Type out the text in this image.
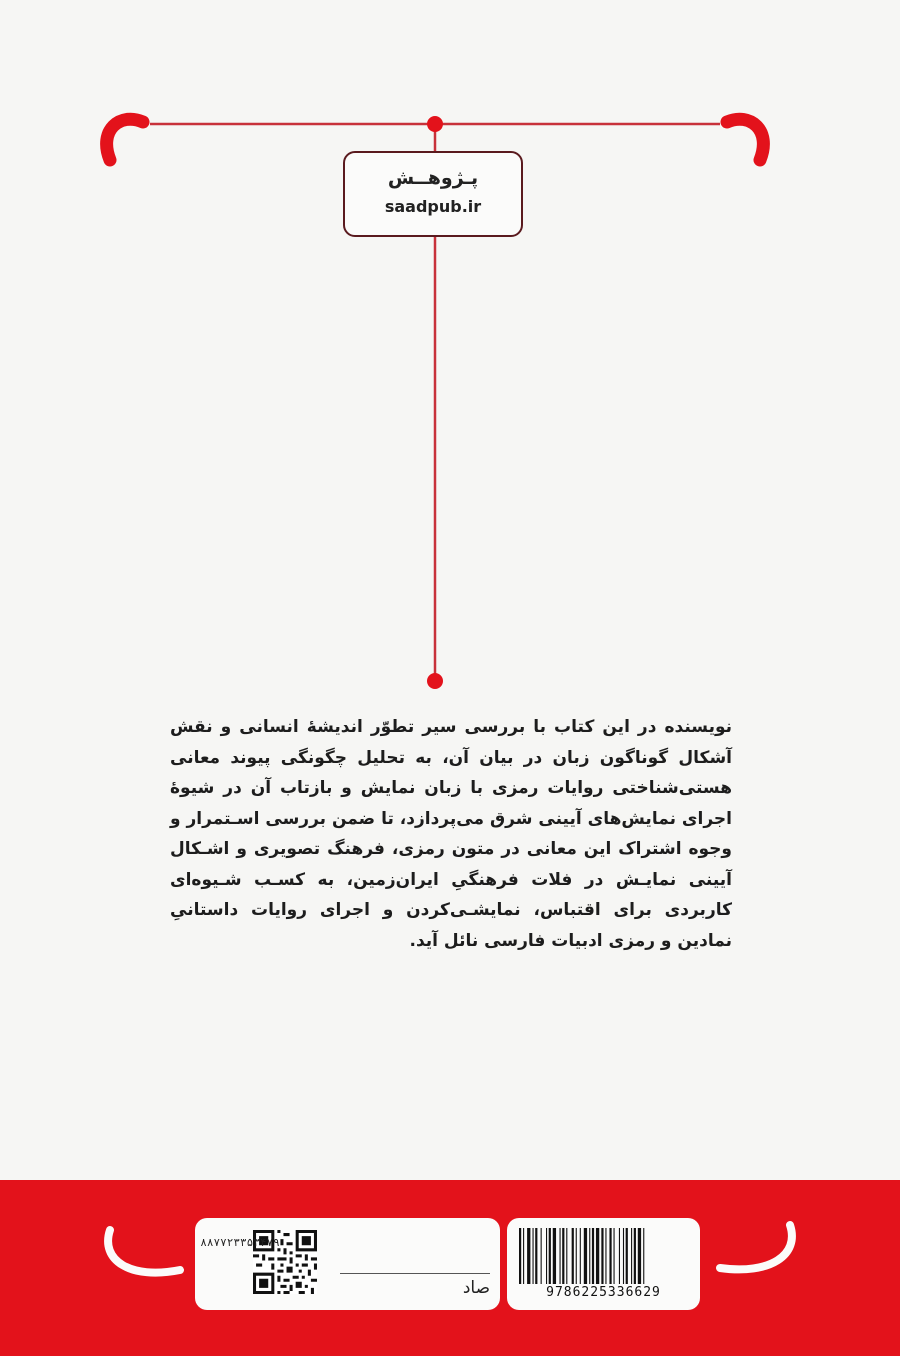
پـژوهــش
saadpub.ir

نویسنده در این کتاب با بررسی سیر تطوّر اندیشهٔ انسانی و نقش آشکال گوناگون زبان در بیان آن، به تحلیل چگونگی پیوند معانی هستی‌شناختی روایات رمزی با زبان نمایش و بازتاب آن در شیوهٔ اجرای نمایش‌های آیینی شرق می‌پردازد، تا ضمن بررسی اسـتمرار و وجوه اشتراک این معانی در متون رمزی، فرهنگ تصویری و اشـکال آیینی نمایـش در فلات فرهنگیِ ایران‌زمین، به کسـب شـیوه‌ای کاربردی برای اقتباس، نمایشـی‌کردن و اجرای روایات داستانیِ نمادین و رمزی ادبیات فارسی نائل آید.

صاد
۸۸۷۷۲۳۳۵۳۴۷۹
9786225336629
